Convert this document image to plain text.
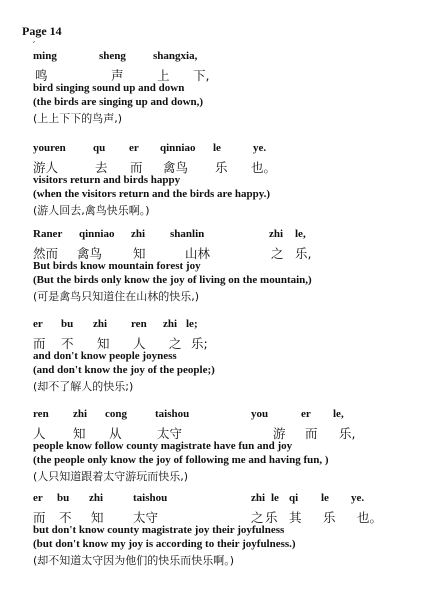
Page 14
ming	sheng shangxia,
鸣	声	上 下,
bird singing sound up and down
(the birds are singing up and down,)
(上上下下的鸟声,)
youren qu er qinniao le	ye.
游人	去 而 禽鸟 乐 也。
visitors return and birds happy
(when the visitors return and the birds are happy.)
(游人回去,禽鸟快乐啊。)
Raner qinniao zhi shanlin	zhi le,
然而 禽鸟 知	山林	之 乐,
But birds know mountain forest joy
(But the birds only know the joy of living on the mountain,)
(可是禽鸟只知道住在山林的快乐,)
er bu zhi ren zhi le;
而 不 知 人 之 乐;
and don't know people joyness
(and don't know the joy of the people;)
(却不了解人的快乐;)
ren zhi cong	taishou	you	er le,
人 知 从	太守	游 而 乐,
people know follow county magistrate have fun and joy
(the people only know the joy of following me and having fun, )
(人只知道跟着太守游玩而快乐,)
er bu zhi	taishou	zhi le qi le ye.
而 不 知 太守	之 乐 其 乐 也。
but don't know county magistrate joy their joyfulness
(but don't know my joy is according to their joyfulness.)
(却不知道太守因为他们的快乐而快乐啊。)
